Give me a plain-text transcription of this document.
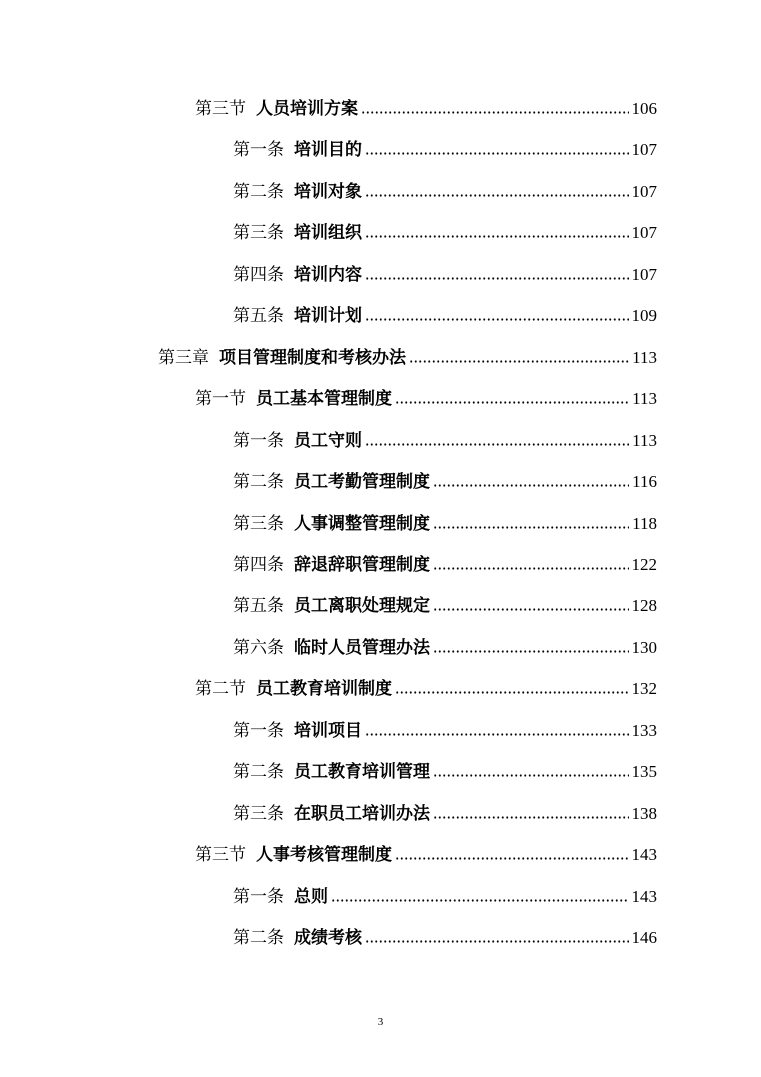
第三节 人员培训方案	106
第一条 培训目的	107
第二条 培训对象	107
第三条 培训组织	107
第四条 培训内容	107
第五条 培训计划	109
第三章 项目管理制度和考核办法	113
第一节 员工基本管理制度	113
第一条 员工守则	113
第二条 员工考勤管理制度	116
第三条 人事调整管理制度	118
第四条 辞退辞职管理制度	122
第五条 员工离职处理规定	128
第六条 临时人员管理办法	130
第二节 员工教育培训制度	132
第一条 培训项目	133
第二条 员工教育培训管理	135
第三条 在职员工培训办法	138
第三节 人事考核管理制度	143
第一条 总则	143
第二条 成绩考核	146
3
